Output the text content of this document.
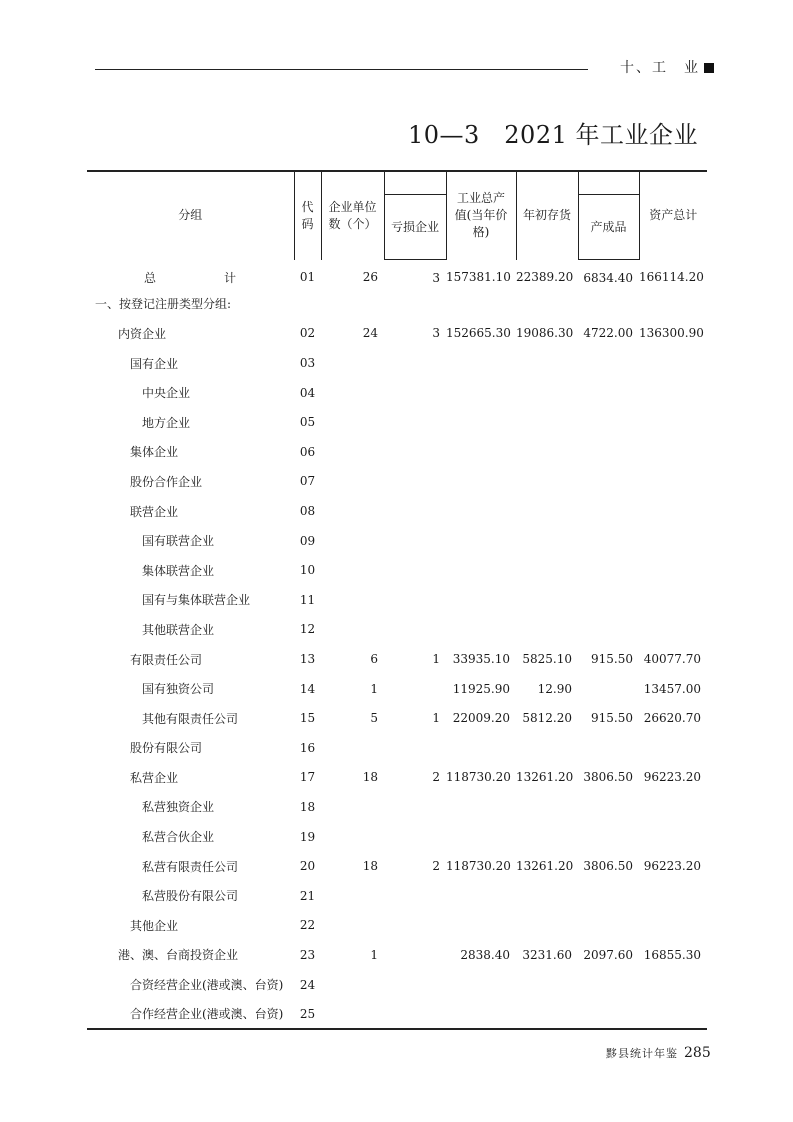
十、工　业
10—3　2021 年工业企业
分组	代码	企业单位数（个）		工业总产值(当年价格)	年初存货		资产总计
			亏损企业			产成品	
总　计	01	26	3	157381.10	22389.20	6834.40	166114.20
一、按登记注册类型分组:							
内资企业	02	24	3	152665.30	19086.30	4722.00	136300.90
国有企业	03						
中央企业	04						
地方企业	05						
集体企业	06						
股份合作企业	07						
联营企业	08						
国有联营企业	09						
集体联营企业	10						
国有与集体联营企业	11						
其他联营企业	12						
有限责任公司	13	6	1	33935.10	5825.10	915.50	40077.70
国有独资公司	14	1		11925.90	12.90		13457.00
其他有限责任公司	15	5	1	22009.20	5812.20	915.50	26620.70
股份有限公司	16						
私营企业	17	18	2	118730.20	13261.20	3806.50	96223.20
私营独资企业	18						
私营合伙企业	19						
私营有限责任公司	20	18	2	118730.20	13261.20	3806.50	96223.20
私营股份有限公司	21						
其他企业	22						
港、澳、台商投资企业	23	1		2838.40	3231.60	2097.60	16855.30
合资经营企业(港或澳、台资)	24						
合作经营企业(港或澳、台资)	25						
黟县统计年鉴 285
